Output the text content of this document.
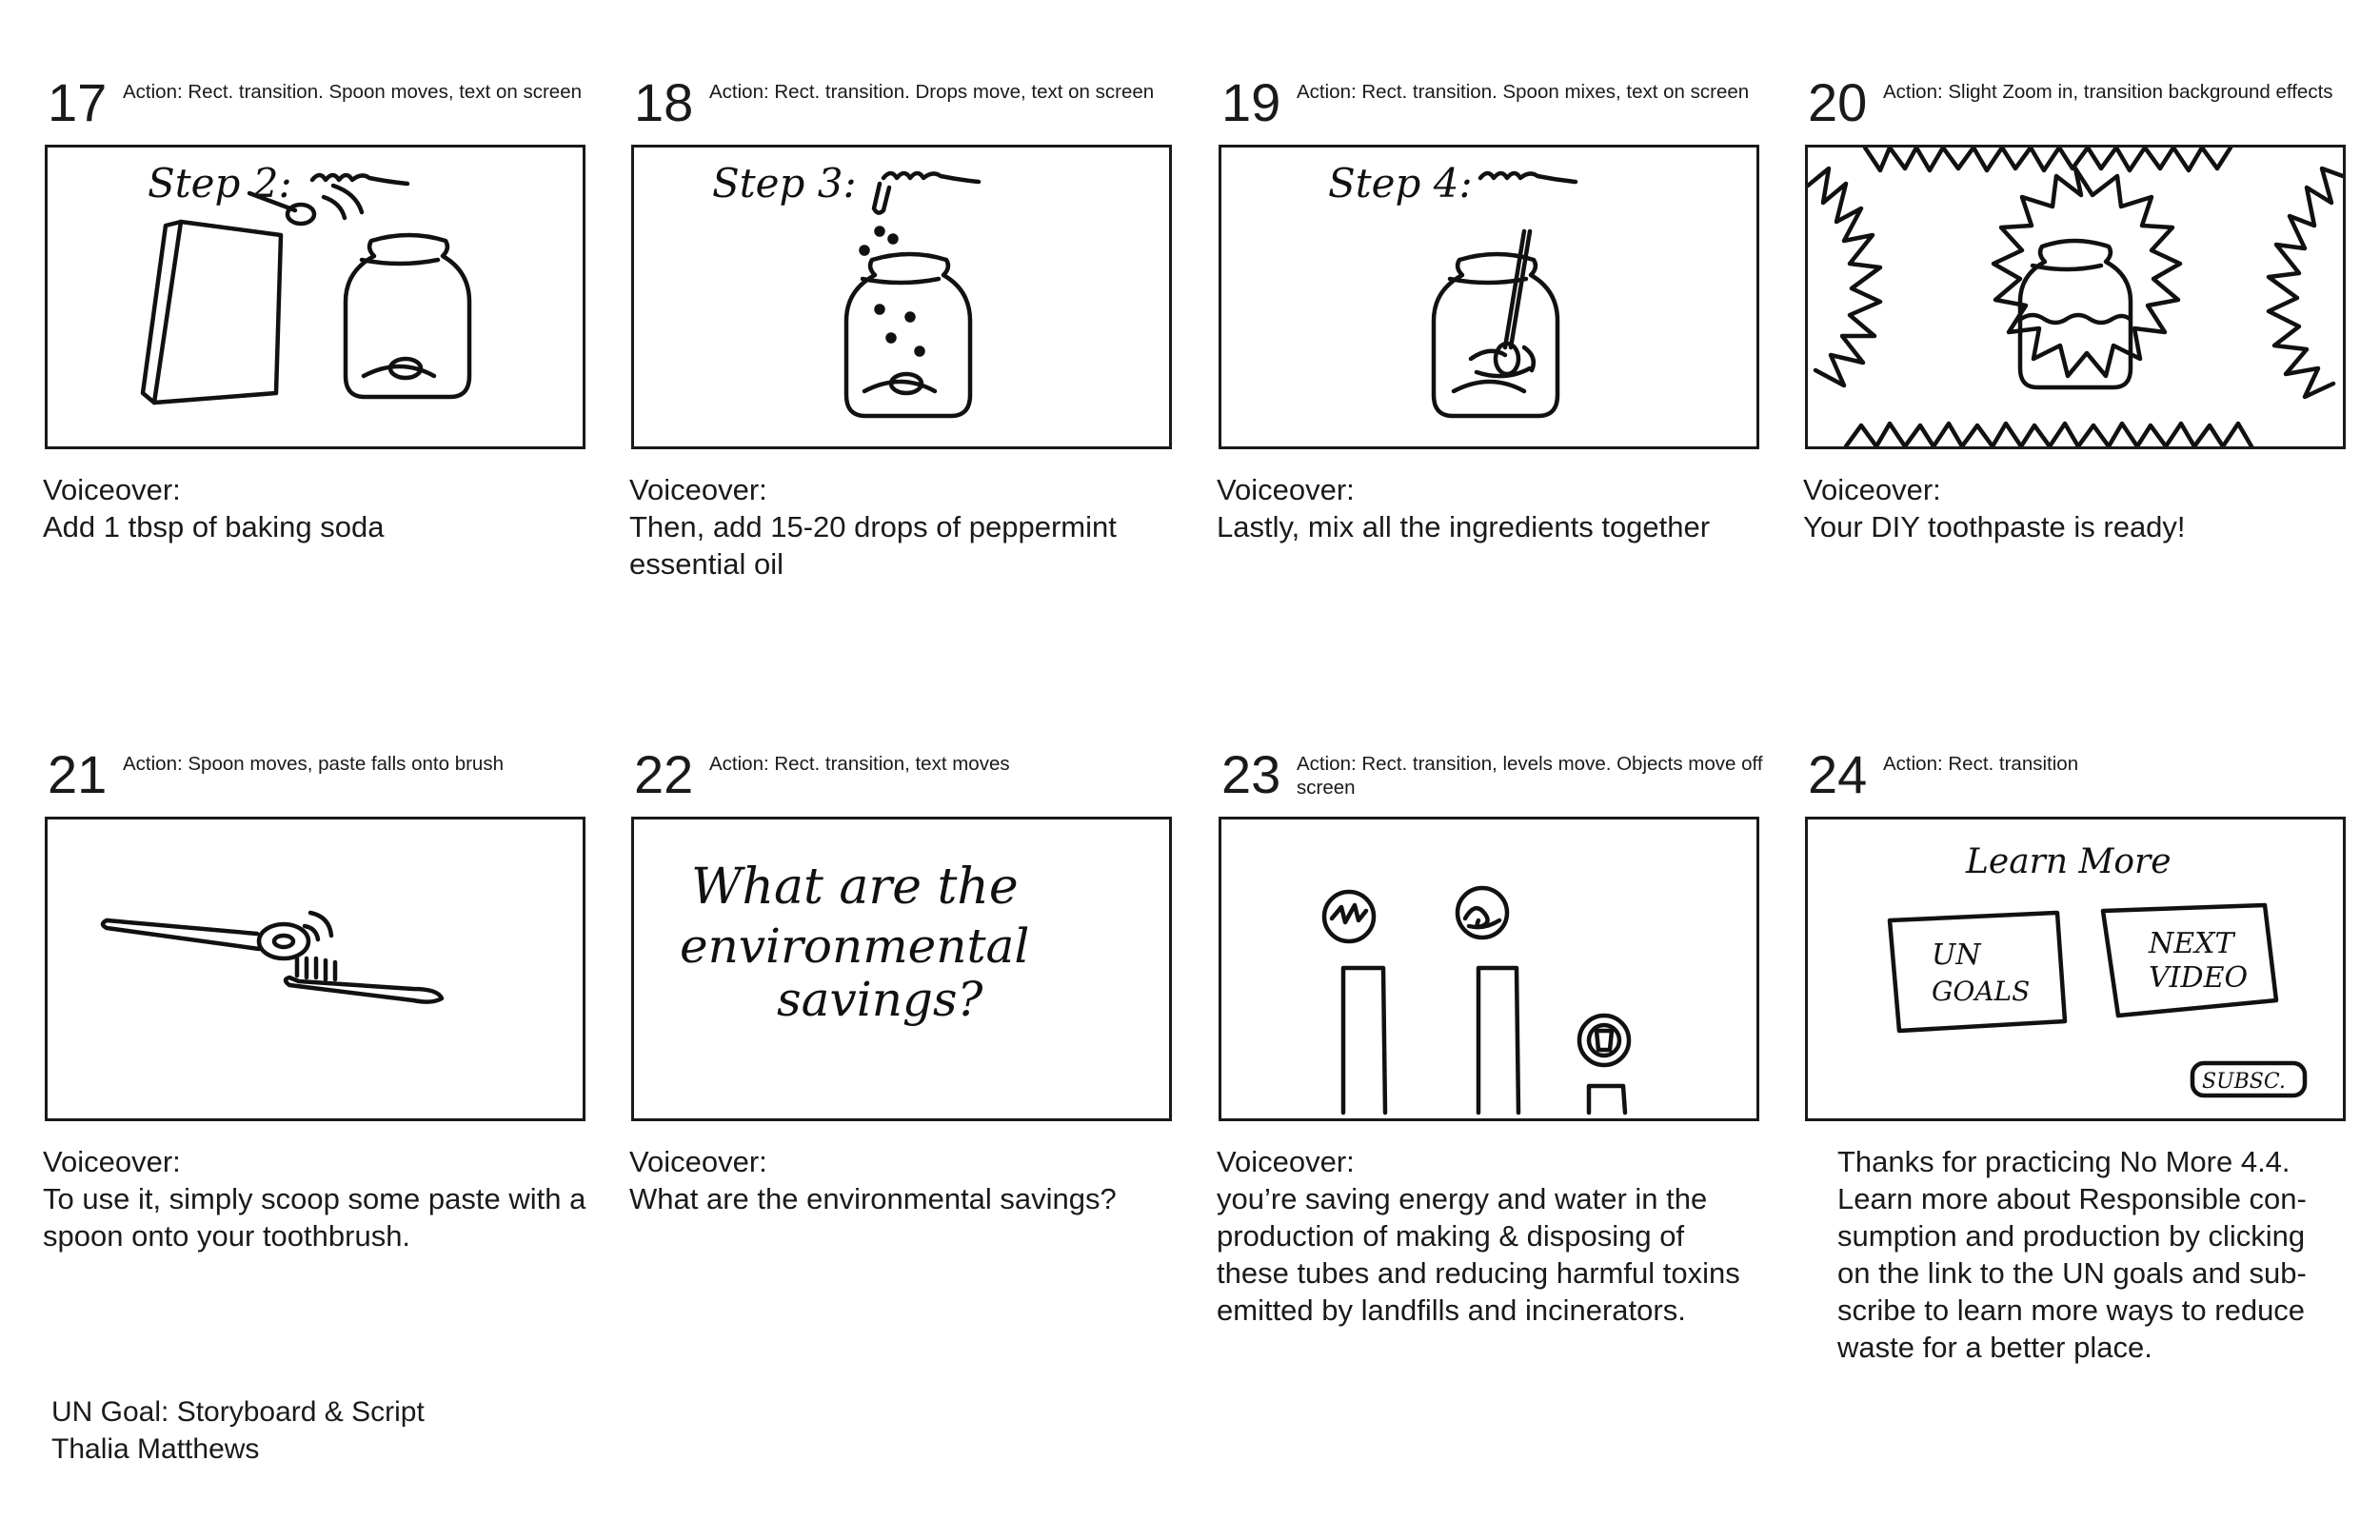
17 Action: Rect. transition. Spoon moves, text on screen
Step 2:
Voiceover:
Add 1 tbsp of baking soda
18 Action: Rect. transition. Drops move, text on screen
Step 3:
Voiceover:
Then, add 15-20 drops of peppermint
essential oil
19 Action: Rect. transition. Spoon mixes, text on screen
Step 4:
Voiceover:
Lastly, mix all the ingredients together
20 Action: Slight Zoom in, transition background effects
Voiceover:
Your DIY toothpaste is ready!
21 Action: Spoon moves, paste falls onto brush
Voiceover:
To use it, simply scoop some paste with a
spoon onto your toothbrush.
22 Action: Rect. transition, text moves
What are the
environmental
savings?
Voiceover:
What are the environmental savings?
23 Action: Rect. transition, levels move. Objects move off screen
Voiceover:
you’re saving energy and water in the
production of making & disposing of
these tubes and reducing harmful toxins
emitted by landfills and incinerators.
24 Action: Rect. transition
Learn More
UN
GOALS
NEXT
VIDEO
SUBSC.
Thanks for practicing No More 4.4.
Learn more about Responsible con-
sumption and production by clicking
on the link to the UN goals and sub-
scribe to learn more ways to reduce
waste for a better place.
UN Goal: Storyboard & Script
Thalia Matthews
